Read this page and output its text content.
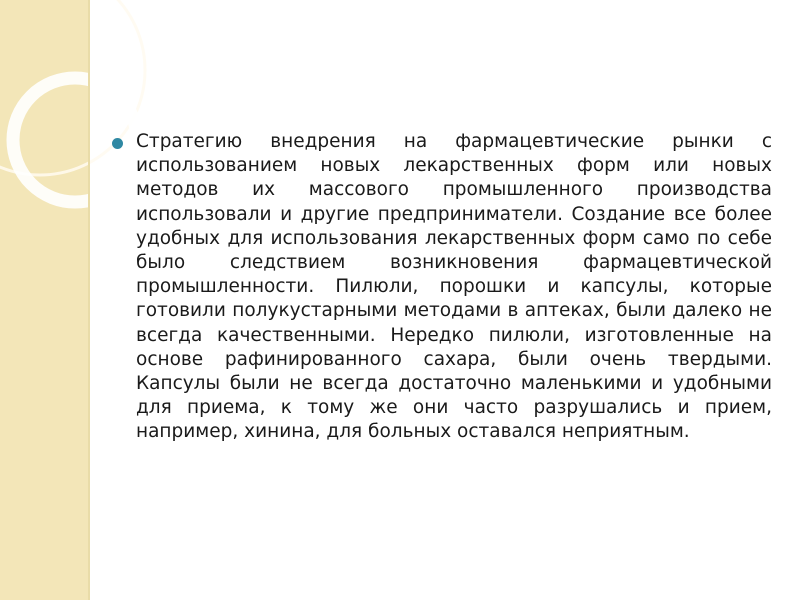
Стратегию внедрения на фармацевтические рынки с использованием новых лекарственных форм или новых методов их массового промышленного производства использовали и другие предприниматели. Создание все более удобных для использования лекарственных форм само по себе было следствием возникновения фармацевтической промышленности. Пилюли, порошки и капсулы, которые готовили полукустарными методами в аптеках, были далеко не всегда качественными. Нередко пилюли, изготовленные на основе рафинированного сахара, были очень твердыми. Капсулы были не всегда достаточно маленькими и удобными для приема, к тому же они часто разрушались и прием, например, хинина, для больных оставался неприятным.
